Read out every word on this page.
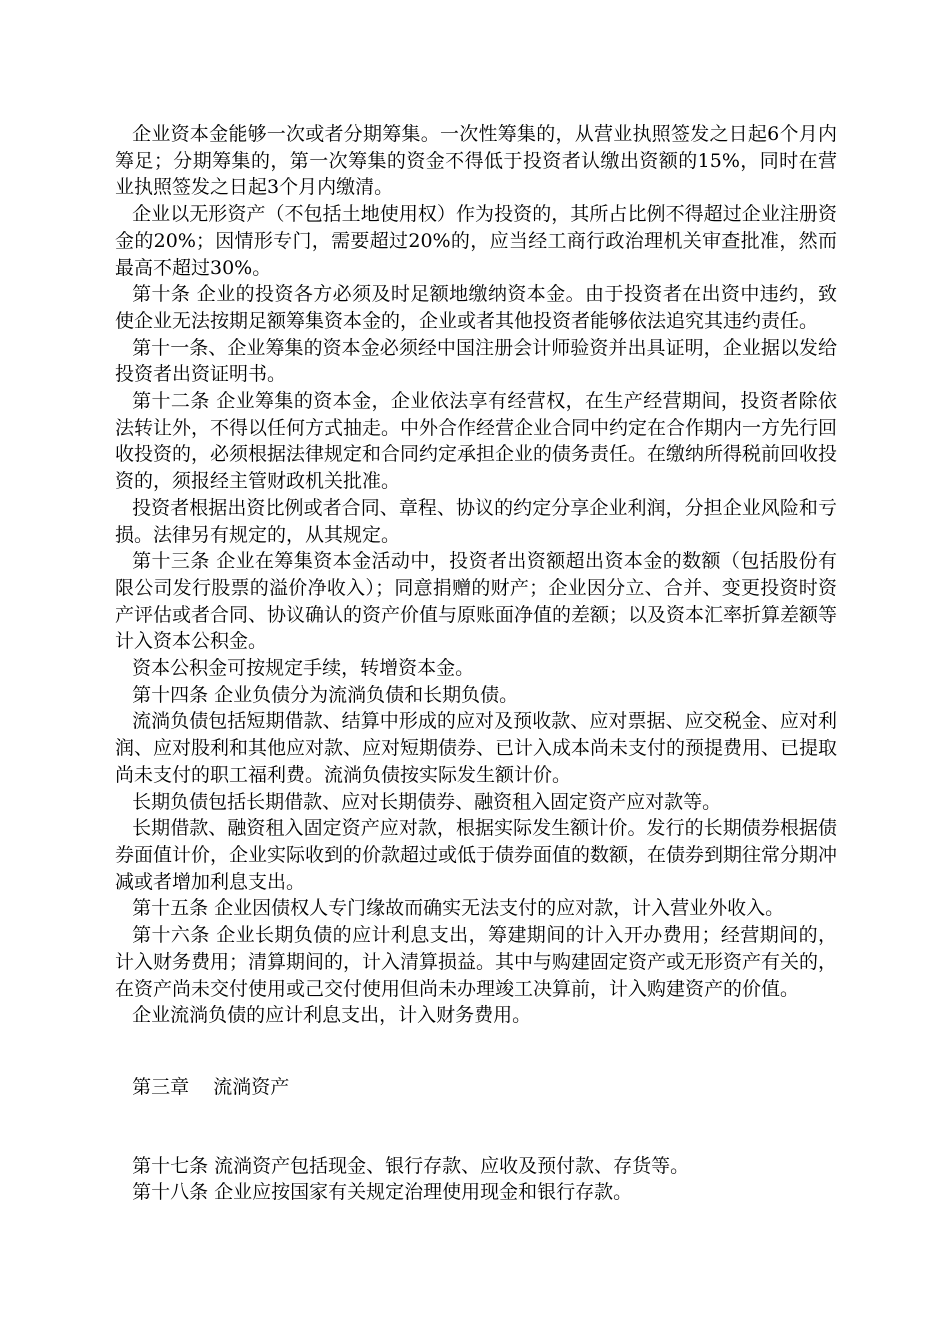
企业资本金能够一次或者分期筹集。一次性筹集的，从营业执照签发之日起6个月内筹足；分期筹集的，第一次筹集的资金不得低于投资者认缴出资额的15%，同时在营业执照签发之日起3个月内缴清。

企业以无形资产（不包括土地使用权）作为投资的，其所占比例不得超过企业注册资金的20%；因情形专门，需要超过20%的，应当经工商行政治理机关审查批准，然而最高不超过30%。

第十条 企业的投资各方必须及时足额地缴纳资本金。由于投资者在出资中违约，致使企业无法按期足额筹集资本金的，企业或者其他投资者能够依法追究其违约责任。

第十一条、企业筹集的资本金必须经中国注册会计师验资并出具证明，企业据以发给投资者出资证明书。

第十二条 企业筹集的资本金，企业依法享有经营权，在生产经营期间，投资者除依法转让外，不得以任何方式抽走。中外合作经营企业合同中约定在合作期内一方先行回收投资的，必须根据法律规定和合同约定承担企业的债务责任。在缴纳所得税前回收投资的，须报经主管财政机关批准。

投资者根据出资比例或者合同、章程、协议的约定分享企业利润，分担企业风险和亏损。法律另有规定的，从其规定。

第十三条 企业在筹集资本金活动中，投资者出资额超出资本金的数额（包括股份有限公司发行股票的溢价净收入）；同意捐赠的财产；企业因分立、合并、变更投资时资产评估或者合同、协议确认的资产价值与原账面净值的差额；以及资本汇率折算差额等计入资本公积金。

资本公积金可按规定手续，转增资本金。

第十四条 企业负债分为流淌负债和长期负债。

流淌负债包括短期借款、结算中形成的应对及预收款、应对票据、应交税金、应对利润、应对股利和其他应对款、应对短期债券、已计入成本尚未支付的预提费用、已提取尚未支付的职工福利费。流淌负债按实际发生额计价。

长期负债包括长期借款、应对长期债券、融资租入固定资产应对款等。

长期借款、融资租入固定资产应对款，根据实际发生额计价。发行的长期债券根据债券面值计价，企业实际收到的价款超过或低于债券面值的数额，在债券到期往常分期冲减或者增加利息支出。

第十五条 企业因债权人专门缘故而确实无法支付的应对款，计入营业外收入。

第十六条 企业长期负债的应计利息支出，筹建期间的计入开办费用；经营期间的，计入财务费用；清算期间的，计入清算损益。其中与购建固定资产或无形资产有关的，在资产尚未交付使用或己交付使用但尚未办理竣工决算前，计入购建资产的价值。

企业流淌负债的应计利息支出，计入财务费用。

第三章    流淌资产

第十七条 流淌资产包括现金、银行存款、应收及预付款、存货等。

第十八条 企业应按国家有关规定治理使用现金和银行存款。
